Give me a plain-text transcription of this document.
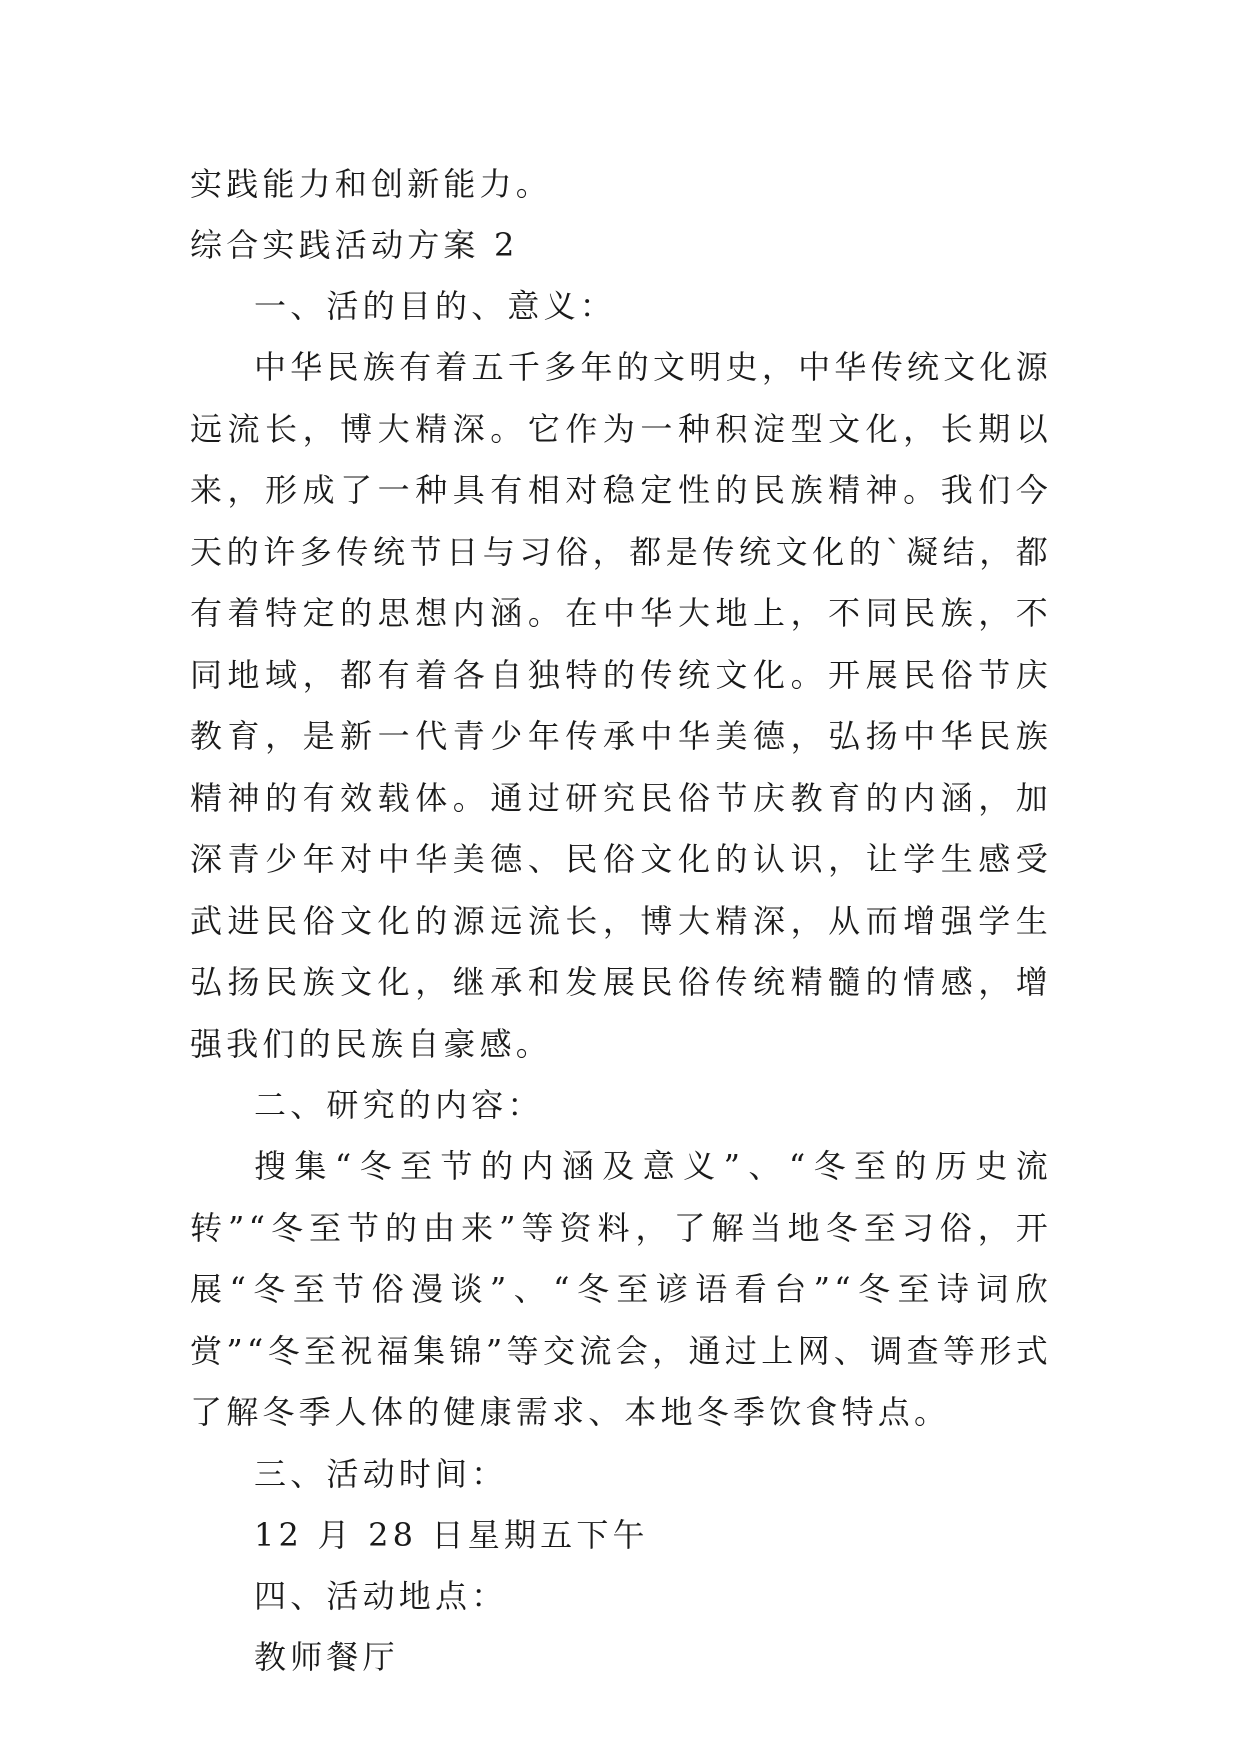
实践能力和创新能力。
综合实践活动方案 2
一、活的目的、意义：

中华民族有着五千多年的文明史，中华传统文化源远流长，博大精深。它作为一种积淀型文化，长期以来，形成了一种具有相对稳定性的民族精神。我们今天的许多传统节日与习俗，都是传统文化的`凝结，都有着特定的思想内涵。在中华大地上，不同民族，不同地域，都有着各自独特的传统文化。开展民俗节庆教育，是新一代青少年传承中华美德，弘扬中华民族精神的有效载体。通过研究民俗节庆教育的内涵，加深青少年对中华美德、民俗文化的认识，让学生感受武进民俗文化的源远流长，博大精深，从而增强学生弘扬民族文化，继承和发展民俗传统精髓的情感，增强我们的民族自豪感。

二、研究的内容：

搜集“冬至节的内涵及意义”、“冬至的历史流转”“冬至节的由来”等资料，了解当地冬至习俗，开展“冬至节俗漫谈”、“冬至谚语看台”“冬至诗词欣赏”“冬至祝福集锦”等交流会，通过上网、调查等形式了解冬季人体的健康需求、本地冬季饮食特点。

三、活动时间：
12 月 28 日星期五下午
四、活动地点：
教师餐厅
